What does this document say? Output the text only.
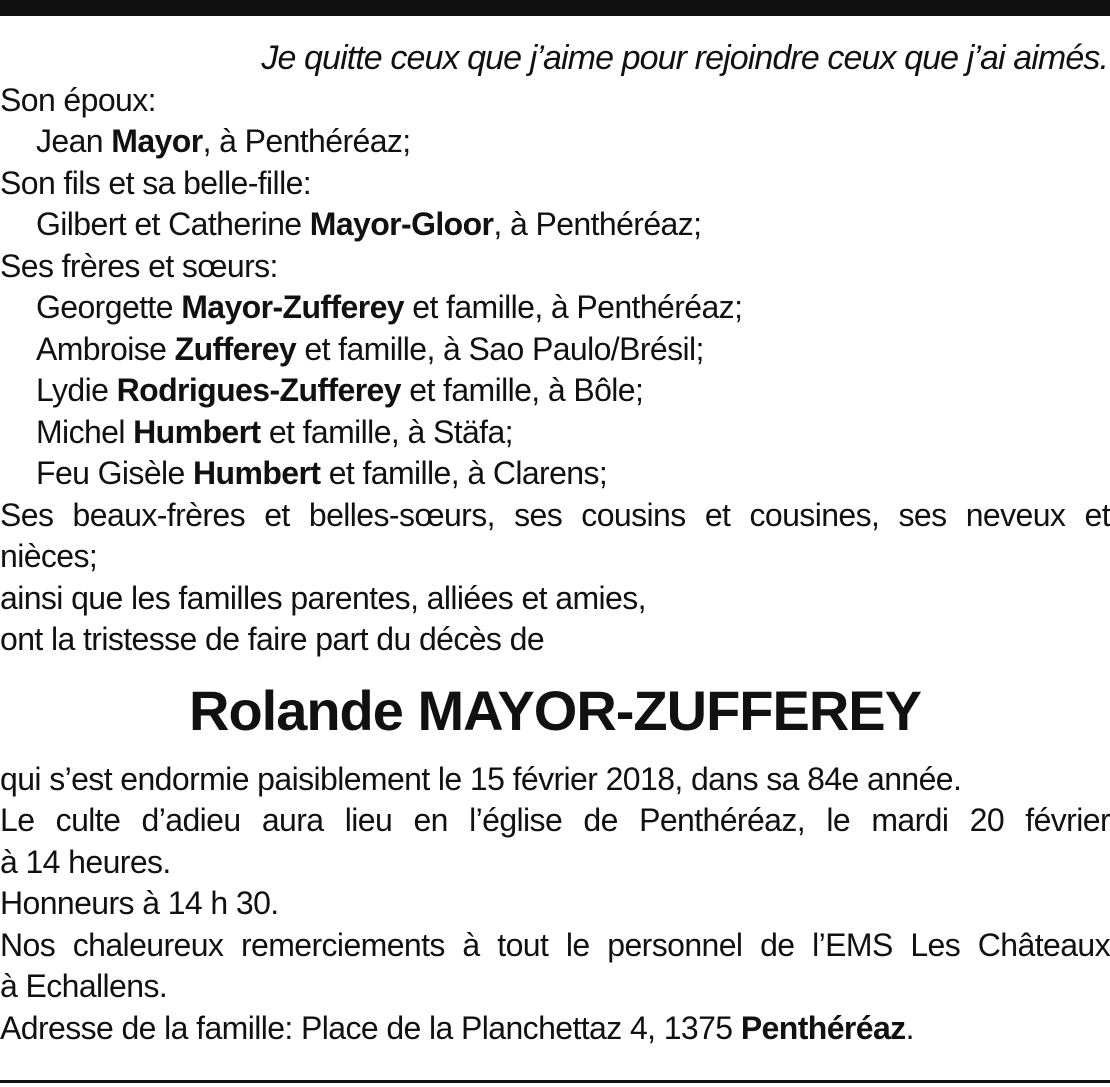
Je quitte ceux que j’aime pour rejoindre ceux que j’ai aimés.
Son époux:
Jean Mayor, à Penthéréaz;
Son fils et sa belle-fille:
Gilbert et Catherine Mayor-Gloor, à Penthéréaz;
Ses frères et sœurs:
Georgette Mayor-Zufferey et famille, à Penthéréaz;
Ambroise Zufferey et famille, à Sao Paulo/Brésil;
Lydie Rodrigues-Zufferey et famille, à Bôle;
Michel Humbert et famille, à Stäfa;
Feu Gisèle Humbert et famille, à Clarens;
Ses beaux-frères et belles-sœurs, ses cousins et cousines, ses neveux et
nièces;
ainsi que les familles parentes, alliées et amies,
ont la tristesse de faire part du décès de
Rolande MAYOR-ZUFFEREY
qui s’est endormie paisiblement le 15 février 2018, dans sa 84e année.
Le culte d’adieu aura lieu en l’église de Penthéréaz, le mardi 20 février
à 14 heures.
Honneurs à 14 h 30.
Nos chaleureux remerciements à tout le personnel de l’EMS Les Châteaux
à Echallens.
Adresse de la famille: Place de la Planchettaz 4, 1375 Penthéréaz.
